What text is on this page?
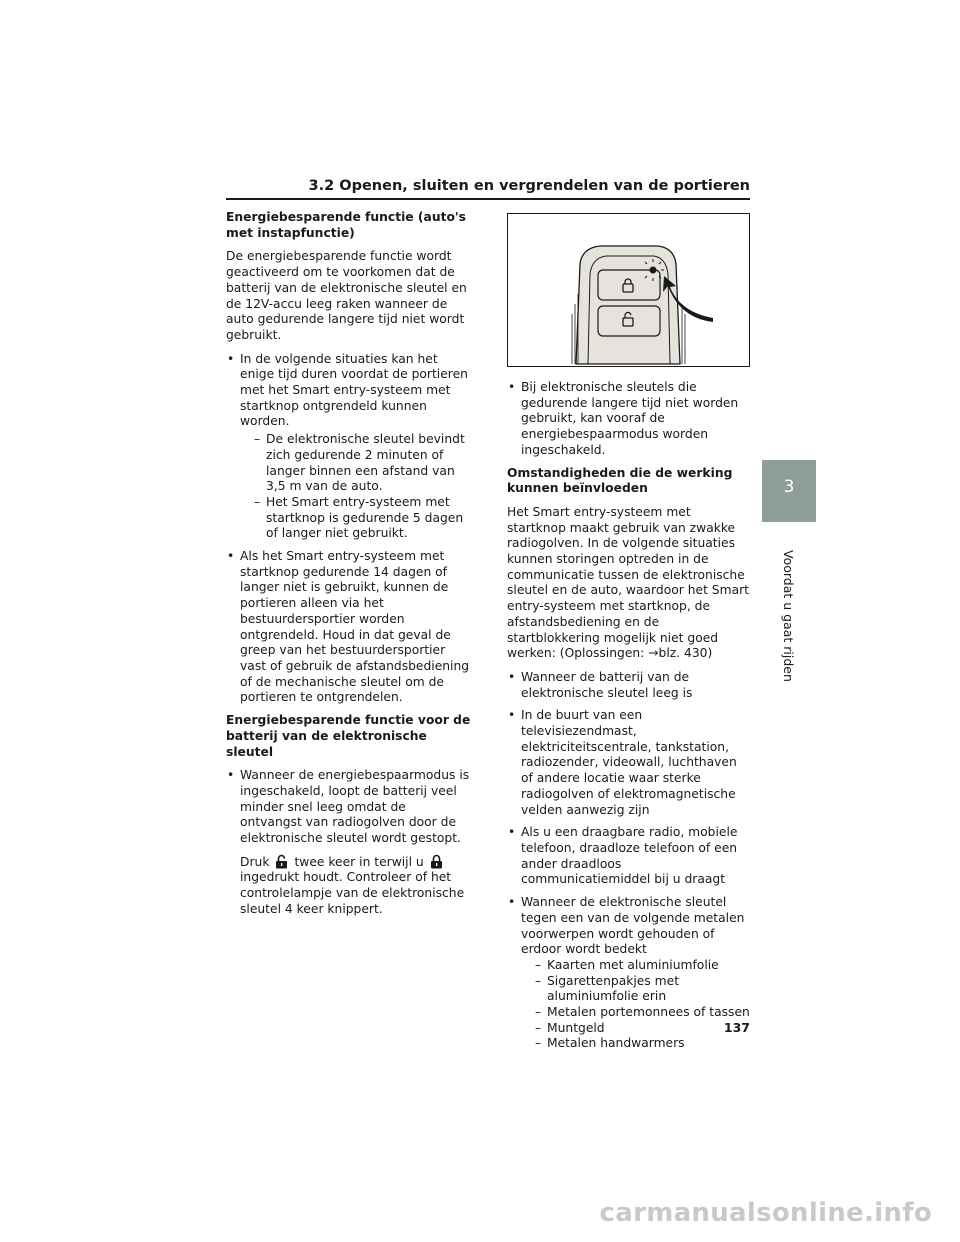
3.2 Openen, sluiten en vergrendelen van de portieren
Energiebesparende functie (auto's met instapfunctie)

De energiebesparende functie wordt geactiveerd om te voorkomen dat de batterij van de elektronische sleutel en de 12V-accu leeg raken wanneer de auto gedurende langere tijd niet wordt gebruikt.

• In de volgende situaties kan het enige tijd duren voordat de portieren met het Smart entry-systeem met startknop ontgrendeld kunnen worden.
– De elektronische sleutel bevindt zich gedurende 2 minuten of langer binnen een afstand van 3,5 m van de auto.
– Het Smart entry-systeem met startknop is gedurende 5 dagen of langer niet gebruikt.
• Als het Smart entry-systeem met startknop gedurende 14 dagen of langer niet is gebruikt, kunnen de portieren alleen via het bestuurdersportier worden ontgrendeld. Houd in dat geval de greep van het bestuurdersportier vast of gebruik de afstandsbediening of de mechanische sleutel om de portieren te ontgrendelen.
Energiebesparende functie voor de batterij van de elektronische sleutel
• Wanneer de energiebespaarmodus is ingeschakeld, loopt de batterij veel minder snel leeg omdat de ontvangst van radiogolven door de elektronische sleutel wordt gestopt.
Druk twee keer in terwijl u
ingedrukt houdt. Controleer of het controlelampje van de elektronische sleutel 4 keer knippert.
• Bij elektronische sleutels die gedurende langere tijd niet worden gebruikt, kan vooraf de energiebespaarmodus worden ingeschakeld.
Omstandigheden die de werking kunnen beïnvloeden

Het Smart entry-systeem met startknop maakt gebruik van zwakke radiogolven. In de volgende situaties kunnen storingen optreden in de communicatie tussen de elektronische sleutel en de auto, waardoor het Smart entry-systeem met startknop, de afstandsbediening en de startblokkering mogelijk niet goed werken: (Oplossingen: →blz. 430)

• Wanneer de batterij van de elektronische sleutel leeg is
• In de buurt van een televisiezendmast, elektriciteitscentrale, tankstation, radiozender, videowall, luchthaven of andere locatie waar sterke radiogolven of elektromagnetische velden aanwezig zijn
• Als u een draagbare radio, mobiele telefoon, draadloze telefoon of een ander draadloos communicatiemiddel bij u draagt
• Wanneer de elektronische sleutel tegen een van de volgende metalen voorwerpen wordt gehouden of erdoor wordt bedekt
– Kaarten met aluminiumfolie
– Sigarettenpakjes met aluminiumfolie erin
– Metalen portemonnees of tassen
– Muntgeld
– Metalen handwarmers
3
Voordat u gaat rijden
137
carmanualsonline.info
